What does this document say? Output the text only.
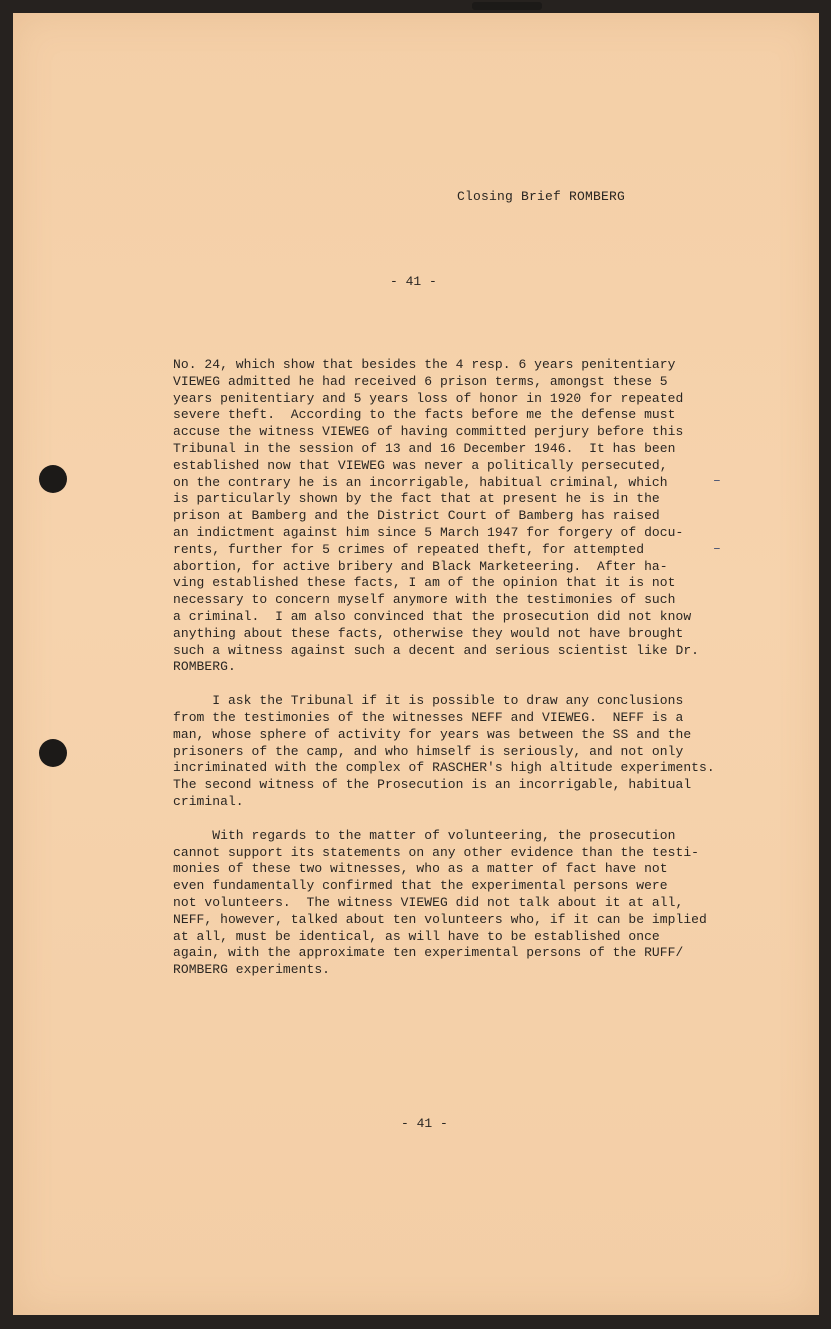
Closing Brief ROMBERG
- 41 -
No. 24, which show that besides the 4 resp. 6 years penitentiary
VIEWEG admitted he had received 6 prison terms, amongst these 5
years penitentiary and 5 years loss of honor in 1920 for repeated
severe theft.  According to the facts before me the defense must
accuse the witness VIEWEG of having committed perjury before this
Tribunal in the session of 13 and 16 December 1946.  It has been
established now that VIEWEG was never a politically persecuted,
on the contrary he is an incorrigable, habitual criminal, which
is particularly shown by the fact that at present he is in the
prison at Bamberg and the District Court of Bamberg has raised
an indictment against him since 5 March 1947 for forgery of docu-
rents, further for 5 crimes of repeated theft, for attempted
abortion, for active bribery and Black Marketeering.  After ha-
ving established these facts, I am of the opinion that it is not
necessary to concern myself anymore with the testimonies of such
a criminal.  I am also convinced that the prosecution did not know
anything about these facts, otherwise they would not have brought
such a witness against such a decent and serious scientist like Dr.
ROMBERG.
I ask the Tribunal if it is possible to draw any conclusions
from the testimonies of the witnesses NEFF and VIEWEG.  NEFF is a
man, whose sphere of activity for years was between the SS and the
prisoners of the camp, and who himself is seriously, and not only
incriminated with the complex of RASCHER's high altitude experiments.
The second witness of the Prosecution is an incorrigable, habitual
criminal.
With regards to the matter of volunteering, the prosecution
cannot support its statements on any other evidence than the testi-
monies of these two witnesses, who as a matter of fact have not
even fundamentally confirmed that the experimental persons were
not volunteers.  The witness VIEWEG did not talk about it at all,
NEFF, however, talked about ten volunteers who, if it can be implied
at all, must be identical, as will have to be established once
again, with the approximate ten experimental persons of the RUFF/
ROMBERG experiments.
–
–
- 41 -
